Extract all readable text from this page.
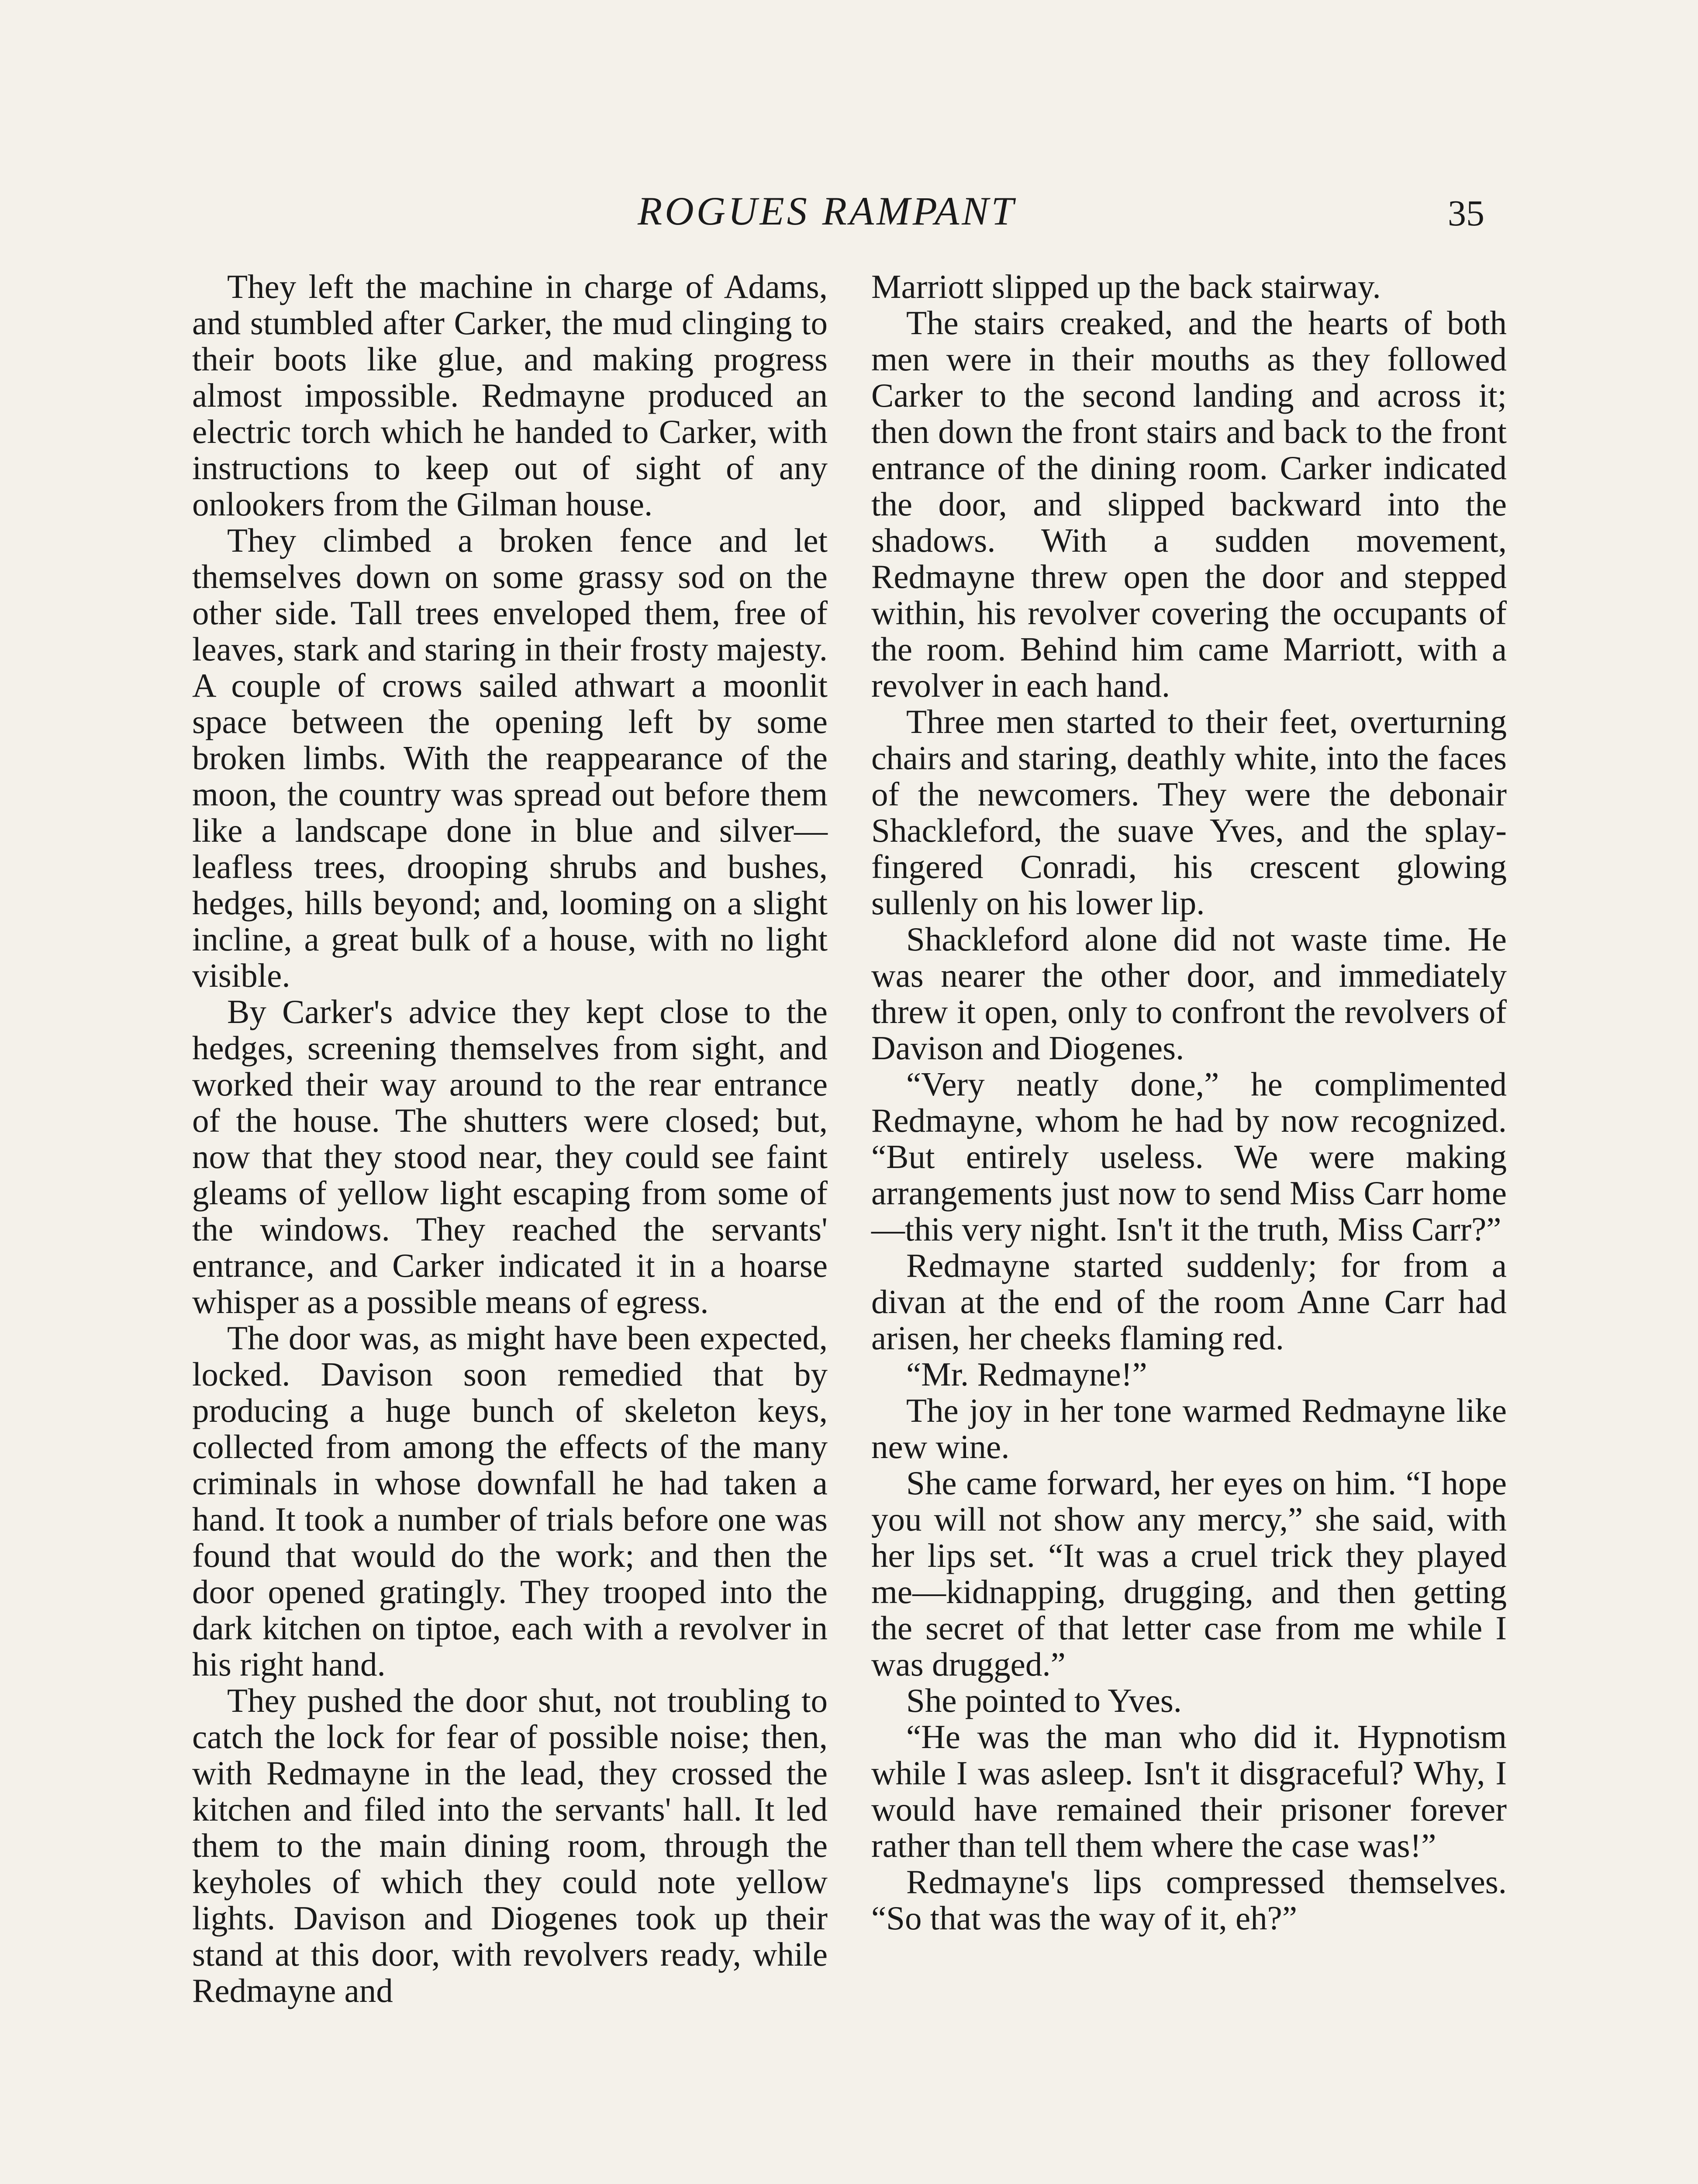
ROGUES RAMPANT	35

They left the machine in charge of Adams, and stumbled after Carker, the mud clinging to their boots like glue, and making progress almost impossible. Redmayne produced an electric torch which he handed to Carker, with instructions to keep out of sight of any onlookers from the Gilman house.

They climbed a broken fence and let themselves down on some grassy sod on the other side. Tall trees enveloped them, free of leaves, stark and staring in their frosty majesty. A couple of crows sailed athwart a moonlit space between the opening left by some broken limbs. With the reappearance of the moon, the country was spread out before them like a landscape done in blue and silver—leafless trees, drooping shrubs and bushes, hedges, hills beyond; and, looming on a slight incline, a great bulk of a house, with no light visible.

By Carker's advice they kept close to the hedges, screening themselves from sight, and worked their way around to the rear entrance of the house. The shutters were closed; but, now that they stood near, they could see faint gleams of yellow light escaping from some of the windows. They reached the servants' entrance, and Carker indicated it in a hoarse whisper as a possible means of egress.

The door was, as might have been expected, locked. Davison soon remedied that by producing a huge bunch of skeleton keys, collected from among the effects of the many criminals in whose downfall he had taken a hand. It took a number of trials before one was found that would do the work; and then the door opened gratingly. They trooped into the dark kitchen on tiptoe, each with a revolver in his right hand.

They pushed the door shut, not troubling to catch the lock for fear of possible noise; then, with Redmayne in the lead, they crossed the kitchen and filed into the servants' hall. It led them to the main dining room, through the keyholes of which they could note yellow lights. Davison and Diogenes took up their stand at this door, with revolvers ready, while Redmayne and

Marriott slipped up the back stairway.

The stairs creaked, and the hearts of both men were in their mouths as they followed Carker to the second landing and across it; then down the front stairs and back to the front entrance of the dining room. Carker indicated the door, and slipped backward into the shadows. With a sudden movement, Redmayne threw open the door and stepped within, his revolver covering the occupants of the room. Behind him came Marriott, with a revolver in each hand.

Three men started to their feet, overturning chairs and staring, deathly white, into the faces of the newcomers. They were the debonair Shackleford, the suave Yves, and the splay-fingered Conradi, his crescent glowing sullenly on his lower lip.

Shackleford alone did not waste time. He was nearer the other door, and immediately threw it open, only to confront the revolvers of Davison and Diogenes.

“Very neatly done,” he complimented Redmayne, whom he had by now recognized. “But entirely useless. We were making arrangements just now to send Miss Carr home—this very night. Isn't it the truth, Miss Carr?”

Redmayne started suddenly; for from a divan at the end of the room Anne Carr had arisen, her cheeks flaming red.

“Mr. Redmayne!”

The joy in her tone warmed Redmayne like new wine.

She came forward, her eyes on him. “I hope you will not show any mercy,” she said, with her lips set. “It was a cruel trick they played me—kidnapping, drugging, and then getting the secret of that letter case from me while I was drugged.”

She pointed to Yves.

“He was the man who did it. Hypnotism while I was asleep. Isn't it disgraceful? Why, I would have remained their prisoner forever rather than tell them where the case was!”

Redmayne's lips compressed themselves. “So that was the way of it, eh?”
